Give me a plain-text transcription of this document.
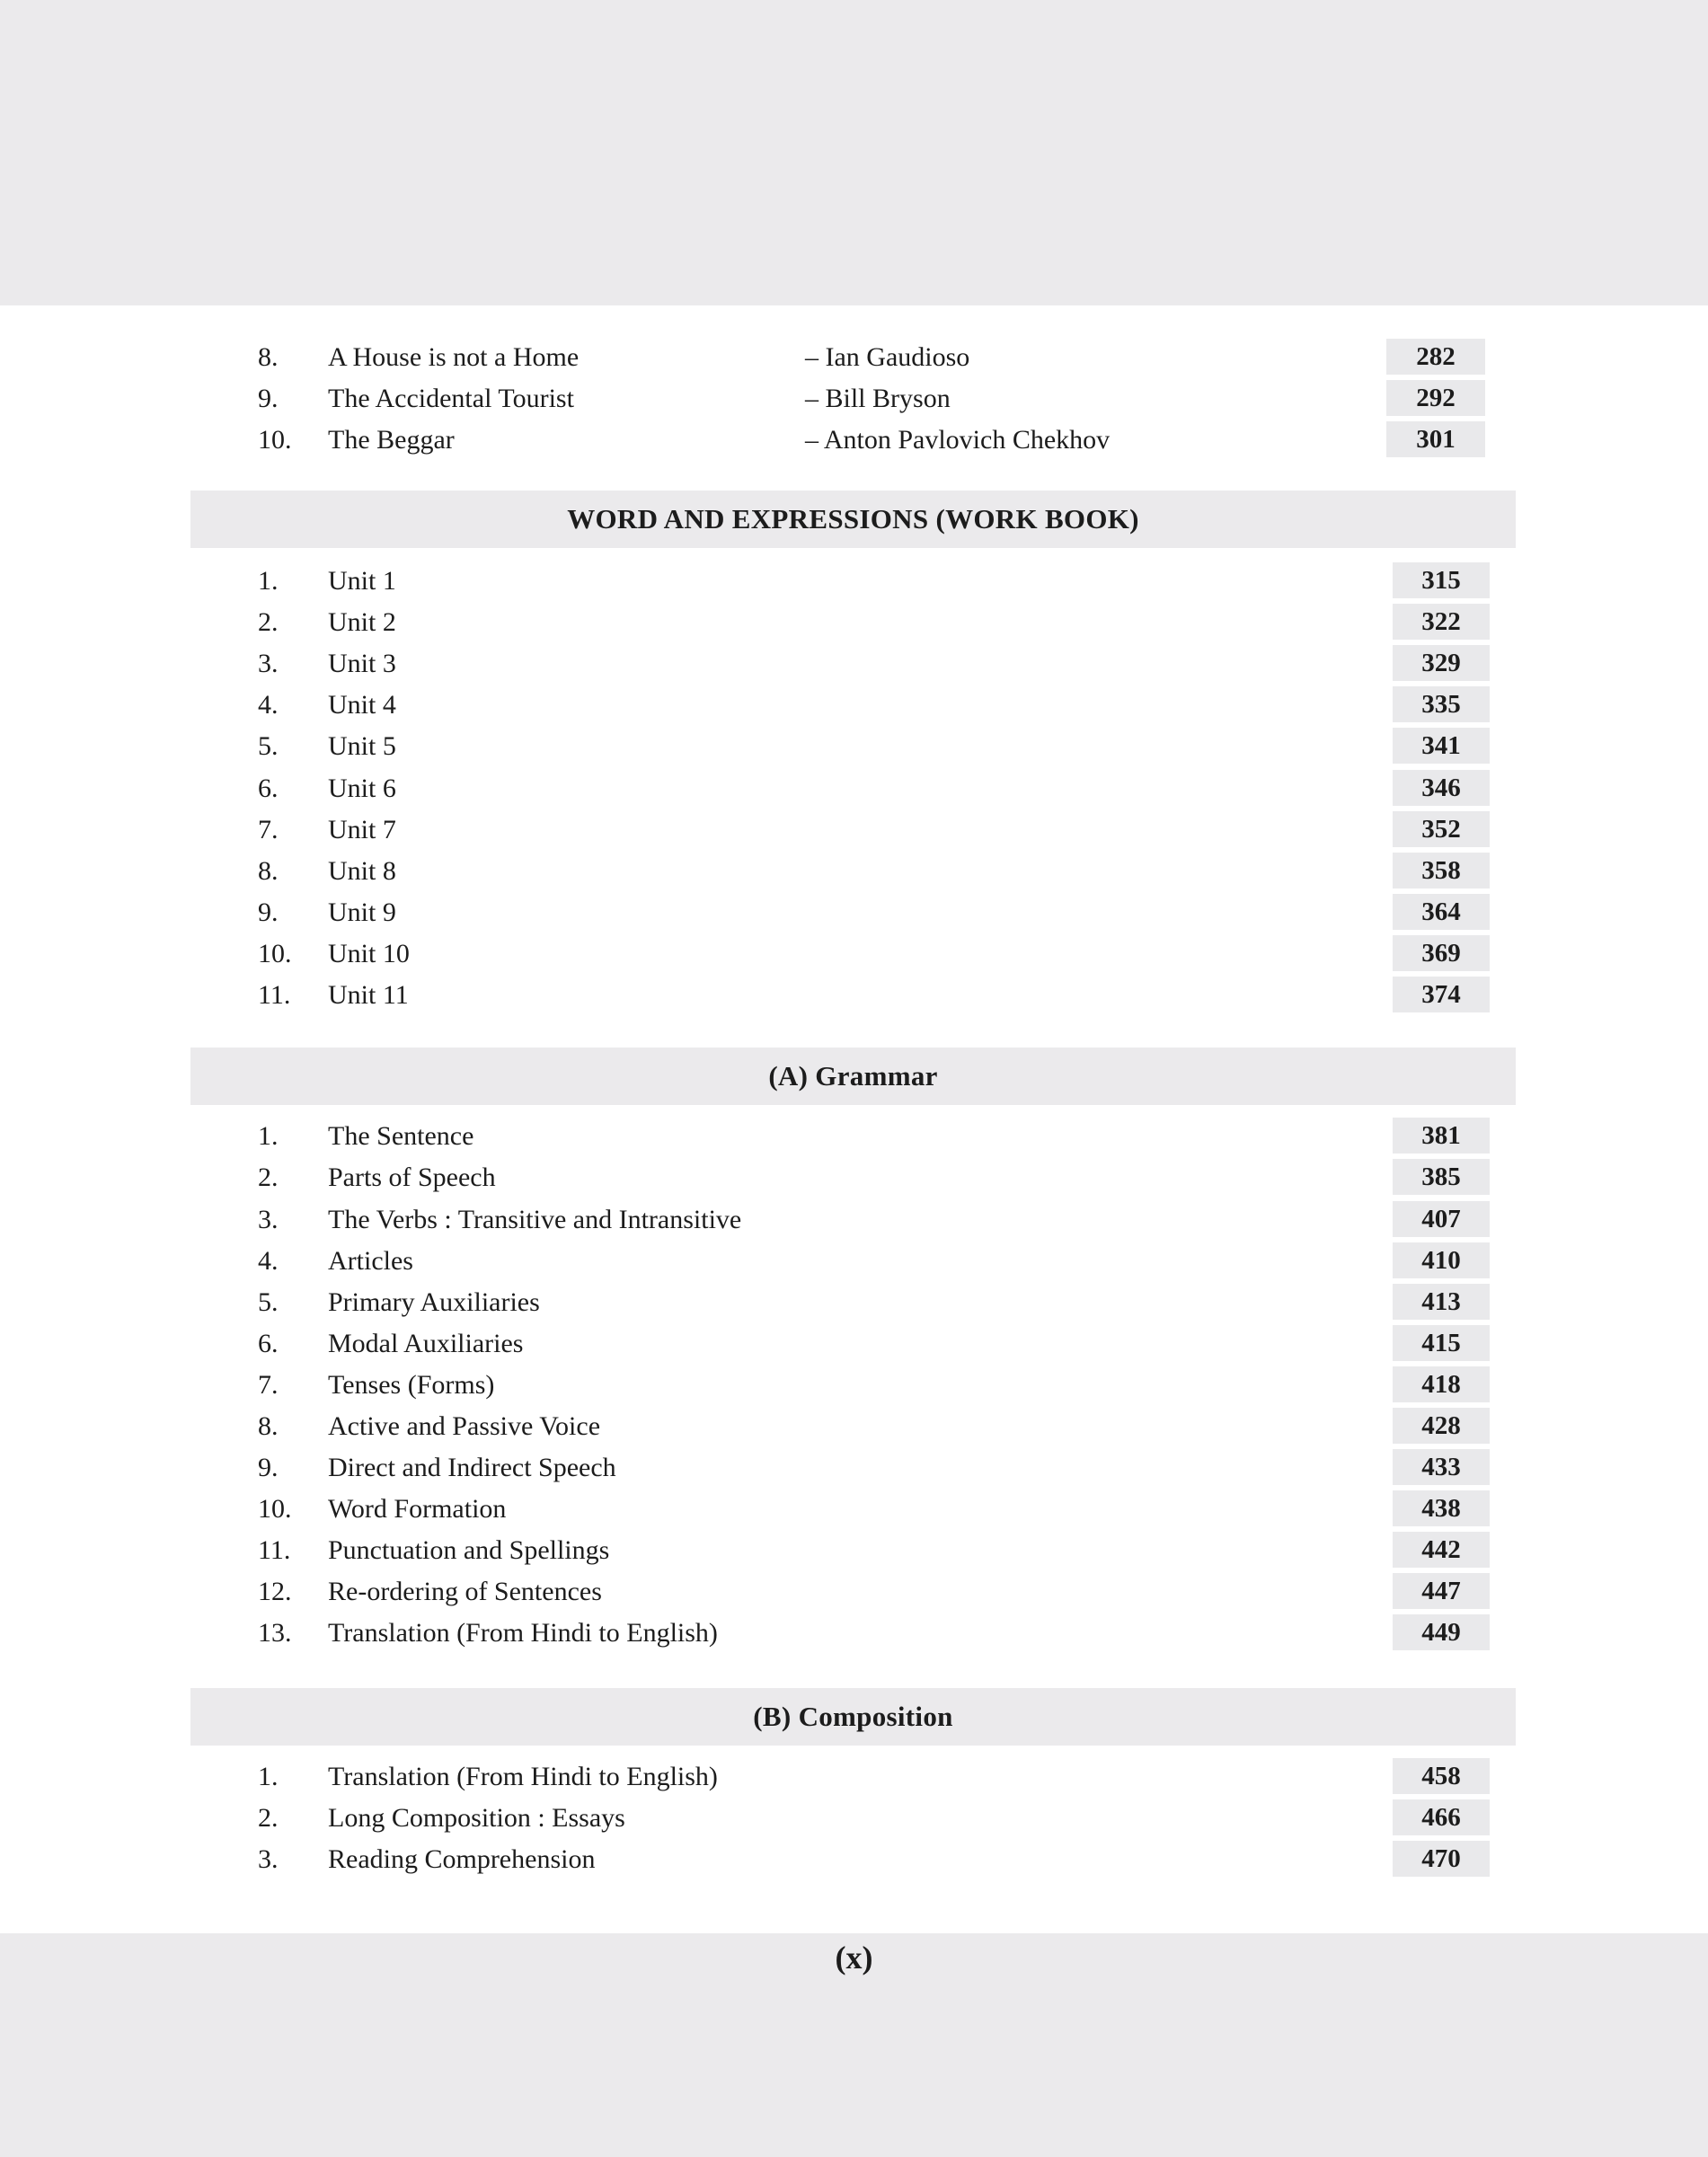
8. A House is not a Home	– Ian Gaudioso	282
9. The Accidental Tourist	– Bill Bryson	292
10. The Beggar	– Anton Pavlovich Chekhov	301
WORD AND EXPRESSIONS (WORK BOOK)
1. Unit 1	315
2. Unit 2	322
3. Unit 3	329
4. Unit 4	335
5. Unit 5	341
6. Unit 6	346
7. Unit 7	352
8. Unit 8	358
9. Unit 9	364
10. Unit 10	369
11. Unit 11	374
(A) Grammar
1. The Sentence	381
2. Parts of Speech	385
3. The Verbs : Transitive and Intransitive	407
4. Articles	410
5. Primary Auxiliaries	413
6. Modal Auxiliaries	415
7. Tenses (Forms)	418
8. Active and Passive Voice	428
9. Direct and Indirect Speech	433
10. Word Formation	438
11. Punctuation and Spellings	442
12. Re-ordering of Sentences	447
13. Translation (From Hindi to English)	449
(B) Composition
1. Translation (From Hindi to English)	458
2. Long Composition : Essays	466
3. Reading Comprehension	470
(x)
